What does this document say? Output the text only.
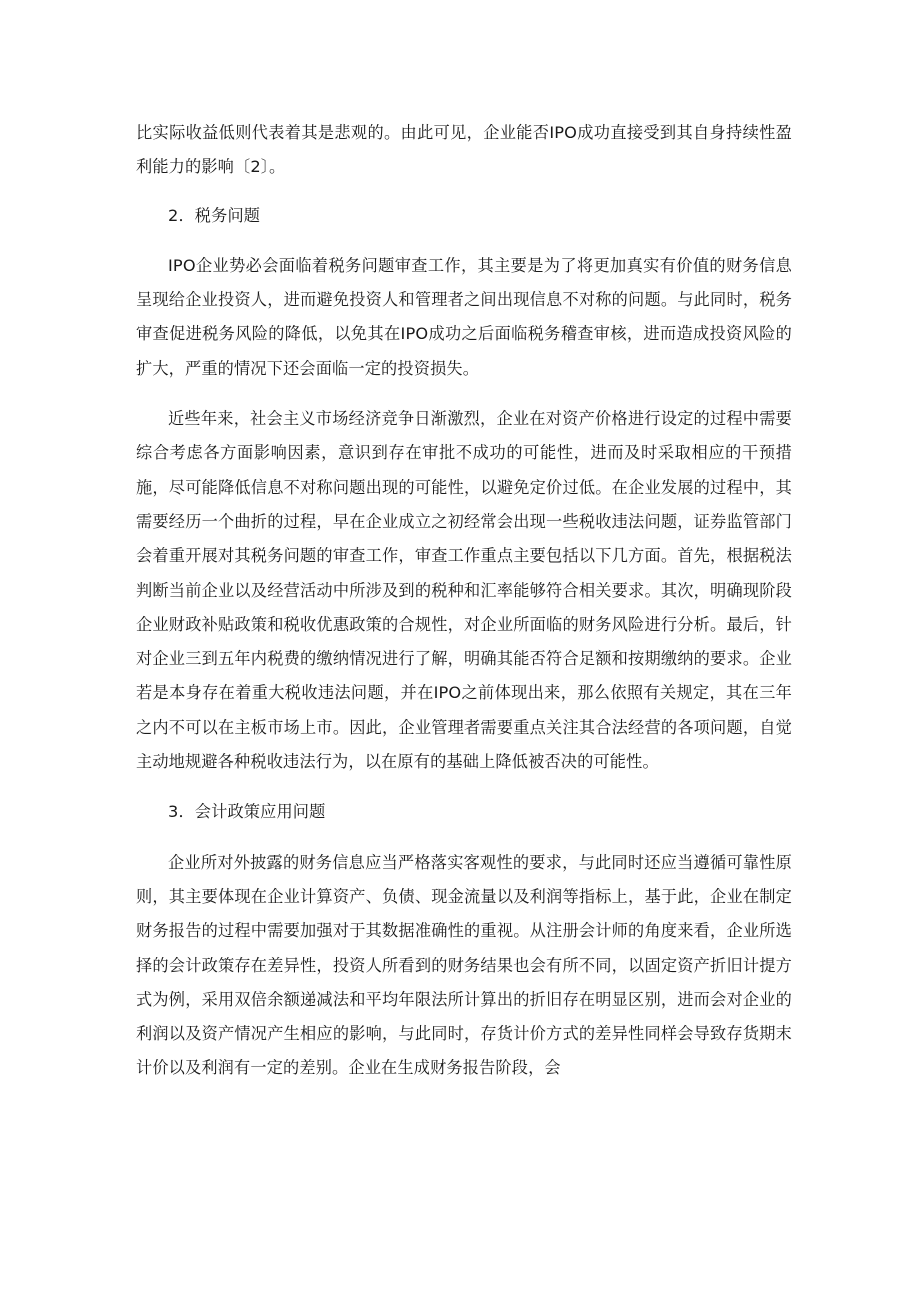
比实际收益低则代表着其是悲观的。由此可见，企业能否IPO成功直接受到其自身持续性盈利能力的影响〔2〕。

2．税务问题

IPO企业势必会面临着税务问题审查工作，其主要是为了将更加真实有价值的财务信息呈现给企业投资人，进而避免投资人和管理者之间出现信息不对称的问题。与此同时，税务审查促进税务风险的降低，以免其在IPO成功之后面临税务稽查审核，进而造成投资风险的扩大，严重的情况下还会面临一定的投资损失。

近些年来，社会主义市场经济竞争日渐激烈，企业在对资产价格进行设定的过程中需要综合考虑各方面影响因素，意识到存在审批不成功的可能性，进而及时采取相应的干预措施，尽可能降低信息不对称问题出现的可能性，以避免定价过低。在企业发展的过程中，其需要经历一个曲折的过程，早在企业成立之初经常会出现一些税收违法问题，证券监管部门会着重开展对其税务问题的审查工作，审查工作重点主要包括以下几方面。首先，根据税法判断当前企业以及经营活动中所涉及到的税种和汇率能够符合相关要求。其次，明确现阶段企业财政补贴政策和税收优惠政策的合规性，对企业所面临的财务风险进行分析。最后，针对企业三到五年内税费的缴纳情况进行了解，明确其能否符合足额和按期缴纳的要求。企业若是本身存在着重大税收违法问题，并在IPO之前体现出来，那么依照有关规定，其在三年之内不可以在主板市场上市。因此，企业管理者需要重点关注其合法经营的各项问题，自觉主动地规避各种税收违法行为，以在原有的基础上降低被否决的可能性。

3．会计政策应用问题

企业所对外披露的财务信息应当严格落实客观性的要求，与此同时还应当遵循可靠性原则，其主要体现在企业计算资产、负债、现金流量以及利润等指标上，基于此，企业在制定财务报告的过程中需要加强对于其数据准确性的重视。从注册会计师的角度来看，企业所选择的会计政策存在差异性，投资人所看到的财务结果也会有所不同，以固定资产折旧计提方式为例，采用双倍余额递减法和平均年限法所计算出的折旧存在明显区别，进而会对企业的利润以及资产情况产生相应的影响，与此同时，存货计价方式的差异性同样会导致存货期末计价以及利润有一定的差别。企业在生成财务报告阶段，会
